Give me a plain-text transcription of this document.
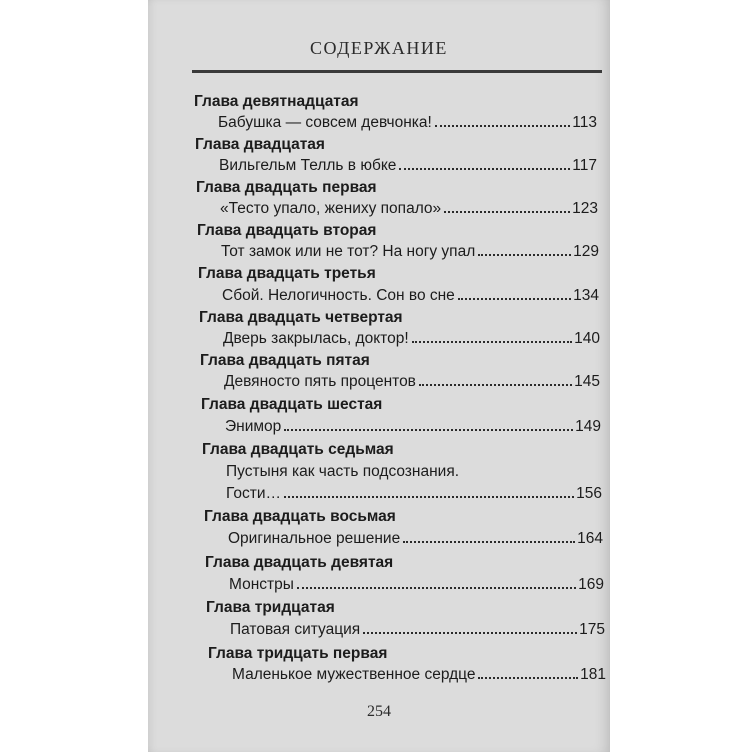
СОДЕРЖАНИЕ
Глава девятнадцатая
Бабушка — совсем девчонка!	113
Глава двадцатая
Вильгельм Телль в юбке	117
Глава двадцать первая
«Тесто упало, жениху попало»	123
Глава двадцать вторая
Тот замок или не тот? На ногу упал	129
Глава двадцать третья
Сбой. Нелогичность. Сон во сне	134
Глава двадцать четвертая
Дверь закрылась, доктор!	140
Глава двадцать пятая
Девяносто пять процентов	145
Глава двадцать шестая
Энимор	149
Глава двадцать седьмая
Пустыня как часть подсознания.
Гости…	156
Глава двадцать восьмая
Оригинальное решение	164
Глава двадцать девятая
Монстры	169
Глава тридцатая
Патовая ситуация	175
Глава тридцать первая
Маленькое мужественное сердце	181
254
